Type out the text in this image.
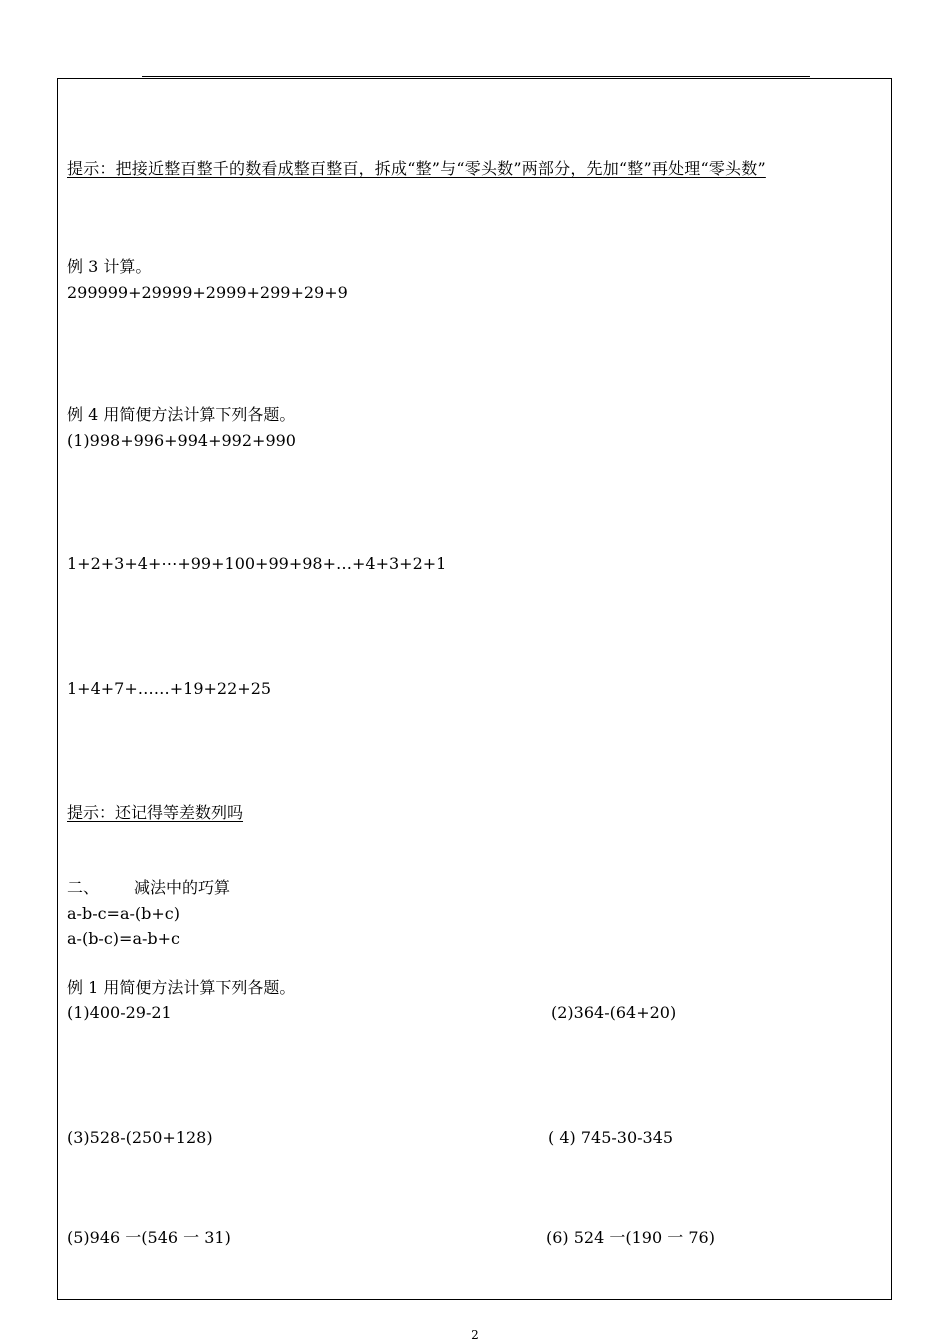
提示：把接近整百整千的数看成整百整百，拆成“整”与“零头数”两部分，先加“整”再处理“零头数”
例 3 计算。
299999+29999+2999+299+29+9
例 4 用简便方法计算下列各题。
(1)998+996+994+992+990
1+2+3+4+⋯+99+100+99+98+…+4+3+2+1
1+4+7+……+19+22+25
提示：还记得等差数列吗
二、 减法中的巧算
a-b-c=a-(b+c)
a-(b-c)=a-b+c
例 1 用简便方法计算下列各题。
(1)400-29-21	(2)364-(64+20)
(3)528-(250+128)	( 4) 745-30-345
(5)946 一(546 一 31)	(6) 524 一(190 一 76)
2
